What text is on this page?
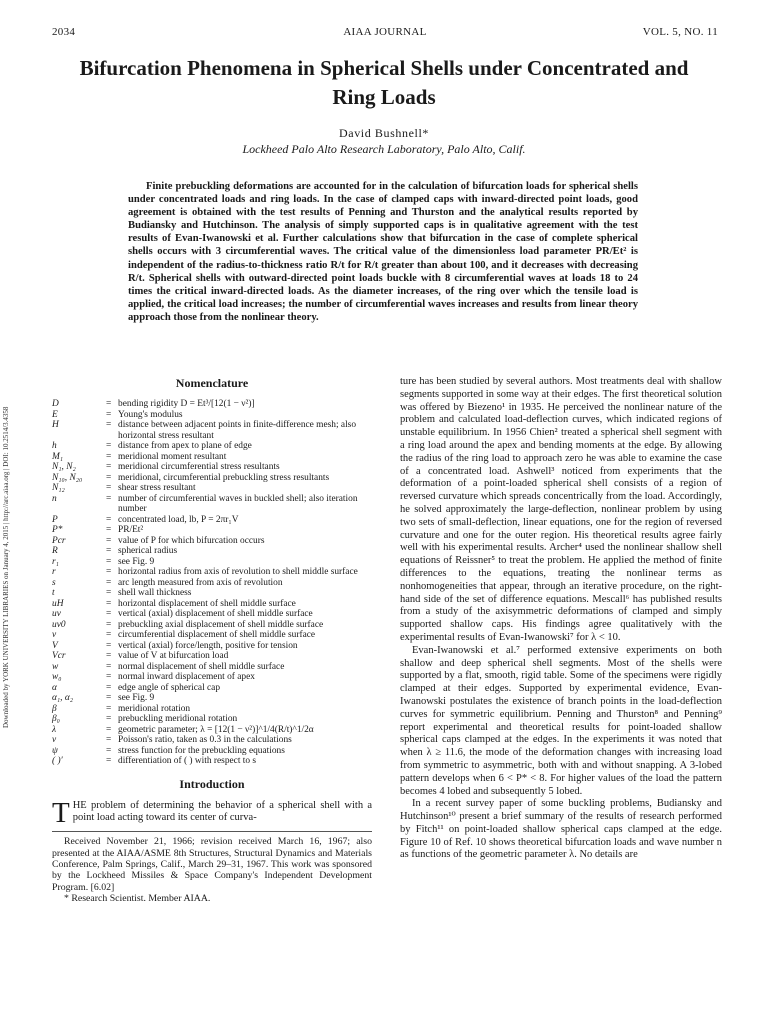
2034	AIAA JOURNAL	VOL. 5, NO. 11
Bifurcation Phenomena in Spherical Shells under Concentrated and Ring Loads
David Bushnell*
Lockheed Palo Alto Research Laboratory, Palo Alto, Calif.
Finite prebuckling deformations are accounted for in the calculation of bifurcation loads for spherical shells under concentrated loads and ring loads. In the case of clamped caps with inward-directed point loads, good agreement is obtained with the test results of Penning and Thurston and the analytical results reported by Budiansky and Hutchinson. The analysis of simply supported caps is in qualitative agreement with the test results of Evan-Iwanowski et al. Further calculations show that bifurcation in the case of complete spherical shells occurs with 3 circumferential waves. The critical value of the dimensionless load parameter PR/Et² is independent of the radius-to-thickness ratio R/t for R/t greater than about 100, and it decreases with decreasing R/t. Spherical shells with outward-directed point loads buckle with 8 circumferential waves at loads 18 to 24 times the critical inward-directed loads. As the diameter increases, of the ring over which the tensile load is applied, the critical load increases; the number of circumferential waves increases and results from linear theory approach those from the nonlinear theory.
Downloaded by YORK UNIVERSITY LIBRARIES on January 4, 2015 | http://arc.aiaa.org | DOI: 10.2514/3.4358
Nomenclature
D	= bending rigidity D = Et³/[12(1 − ν²)]
E	= Young's modulus
H	= distance between adjacent points in finite-difference mesh; also horizontal stress resultant
h	= distance from apex to plane of edge
M₁	= meridional moment resultant
N₁, N₂	= meridional circumferential stress resultants
N₁₀, N₂₀	= meridional, circumferential prebuckling stress resultants
N₁₂	= shear stress resultant
n	= number of circumferential waves in buckled shell; also iteration number
P	= concentrated load, lb, P = 2πr₁V
P*	= PR/Et²
Pcr	= value of P for which bifurcation occurs
R	= spherical radius
r₁	= see Fig. 9
r	= horizontal radius from axis of revolution to shell middle surface
s	= arc length measured from axis of revolution
t	= shell wall thickness
uH	= horizontal displacement of shell middle surface
uv	= vertical (axial) displacement of shell middle surface
uv0	= prebuckling axial displacement of shell middle surface
v	= circumferential displacement of shell middle surface
V	= vertical (axial) force/length, positive for tension
Vcr	= value of V at bifurcation load
w	= normal displacement of shell middle surface
w₀	= normal inward displacement of apex
α	= edge angle of spherical cap
α₁, α₂	= see Fig. 9
β	= meridional rotation
β₀	= prebuckling meridional rotation
λ	= geometric parameter; λ = [12(1 − ν²)]^1/4(R/t)^1/2α
ν	= Poisson's ratio, taken as 0.3 in the calculations
ψ	= stress function for the prebuckling equations
( )′	= differentiation of ( ) with respect to s
Introduction

THE problem of determining the behavior of a spherical shell with a point load acting toward its center of curva-

Received November 21, 1966; revision received March 16, 1967; also presented at the AIAA/ASME 8th Structures, Structural Dynamics and Materials Conference, Palm Springs, Calif., March 29–31, 1967. This work was sponsored by the Lockheed Missiles & Space Company's Independent Development Program. [6.02]

* Research Scientist. Member AIAA.

ture has been studied by several authors. Most treatments deal with shallow segments supported in some way at their edges. The first theoretical solution was offered by Biezeno¹ in 1935. He perceived the nonlinear nature of the problem and calculated load-deflection curves, which indicated regions of unstable equilibrium. In 1956 Chien² treated a spherical shell segment with a ring load around the apex and bending moments at the edge. By allowing the radius of the ring load to approach zero he was able to examine the case of a concentrated load. Ashwell³ noticed from experiments that the deformation of a point-loaded spherical shell consists of a region of reversed curvature which spreads concentrically from the load. Accordingly, he solved approximately the large-deflection, nonlinear problem by using two sets of small-deflection, linear equations, one for the region of reversed curvature and one for the outer region. His theoretical results agree fairly well with his experimental results. Archer⁴ used the nonlinear shallow shell equations of Reissner⁵ to treat the problem. He applied the method of finite differences to the equations, treating the nonlinear terms as nonhomogeneities that appear, through an iterative procedure, on the right-hand side of the set of difference equations. Mescall⁶ has published results from a study of the axisymmetric deformations of clamped and simply supported shallow caps. His findings agree qualitatively with the experimental results of Evan-Iwanowski⁷ for λ < 10.

Evan-Iwanowski et al.⁷ performed extensive experiments on both shallow and deep spherical shell segments. Most of the shells were supported by a flat, smooth, rigid table. Some of the specimens were rigidly clamped at their edges. Supported by experimental evidence, Evan-Iwanowski postulates the existence of branch points in the load-deflection curves for symmetric equilibrium. Penning and Thurston⁸ and Penning⁹ report experimental and theoretical results for point-loaded shallow spherical caps clamped at the edges. In the experiments it was noted that when λ ≥ 11.6, the mode of the deformation changes with increasing load from symmetric to asymmetric, both with and without snapping. A 3-lobed pattern develops when 6 < P* < 8. For higher values of the load the pattern becomes 4 lobed and subsequently 5 lobed.

In a recent survey paper of some buckling problems, Budiansky and Hutchinson¹⁰ present a brief summary of the results of research performed by Fitch¹¹ on point-loaded shallow spherical caps clamped at the edge. Figure 10 of Ref. 10 shows theoretical bifurcation loads and wave number n as functions of the geometric parameter λ. No details are
